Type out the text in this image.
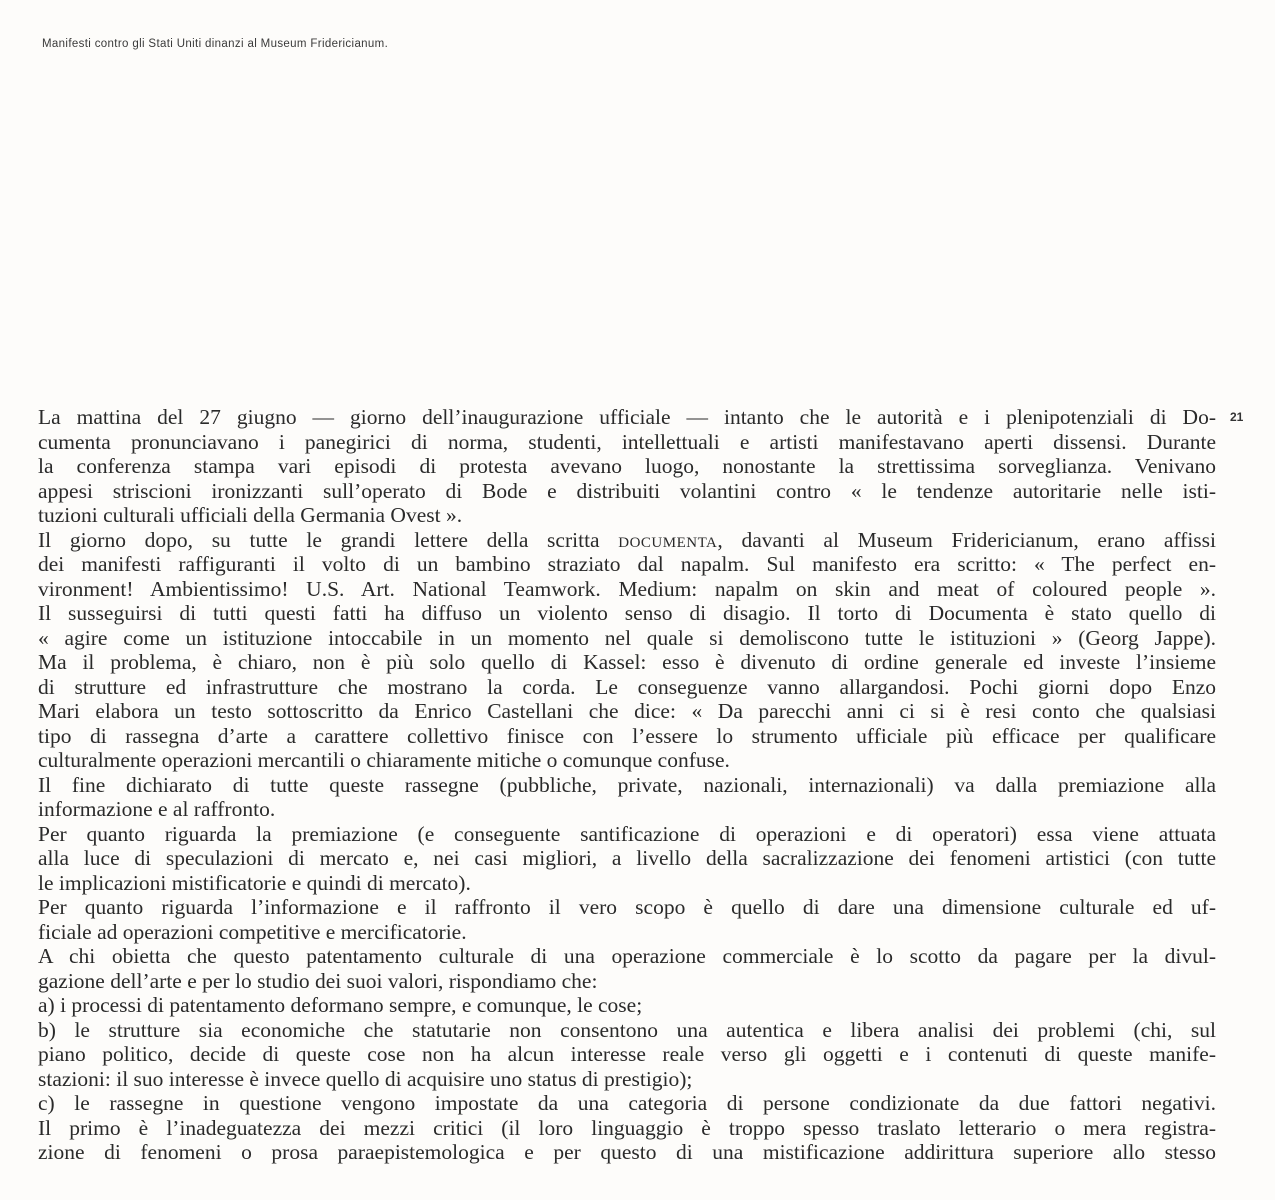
Manifesti contro gli Stati Uniti dinanzi al Museum Fridericianum.
21
La mattina del 27 giugno — giorno dell’inaugurazione ufficiale — intanto che le autorità e i plenipotenziali di Do-
cumenta pronunciavano i panegirici di norma, studenti, intellettuali e artisti manifestavano aperti dissensi. Durante
la conferenza stampa vari episodi di protesta avevano luogo, nonostante la strettissima sorveglianza. Venivano
appesi striscioni ironizzanti sull’operato di Bode e distribuiti volantini contro « le tendenze autoritarie nelle isti-
tuzioni culturali ufficiali della Germania Ovest ».
Il giorno dopo, su tutte le grandi lettere della scritta documenta, davanti al Museum Fridericianum, erano affissi
dei manifesti raffiguranti il volto di un bambino straziato dal napalm. Sul manifesto era scritto: « The perfect en-
vironment! Ambientissimo! U.S. Art. National Teamwork. Medium: napalm on skin and meat of coloured people ».
Il susseguirsi di tutti questi fatti ha diffuso un violento senso di disagio. Il torto di Documenta è stato quello di
« agire come un istituzione intoccabile in un momento nel quale si demoliscono tutte le istituzioni » (Georg Jappe).
Ma il problema, è chiaro, non è più solo quello di Kassel: esso è divenuto di ordine generale ed investe l’insieme
di strutture ed infrastrutture che mostrano la corda. Le conseguenze vanno allargandosi. Pochi giorni dopo Enzo
Mari elabora un testo sottoscritto da Enrico Castellani che dice: « Da parecchi anni ci si è resi conto che qualsiasi
tipo di rassegna d’arte a carattere collettivo finisce con l’essere lo strumento ufficiale più efficace per qualificare
culturalmente operazioni mercantili o chiaramente mitiche o comunque confuse.
Il fine dichiarato di tutte queste rassegne (pubbliche, private, nazionali, internazionali) va dalla premiazione alla
informazione e al raffronto.
Per quanto riguarda la premiazione (e conseguente santificazione di operazioni e di operatori) essa viene attuata
alla luce di speculazioni di mercato e, nei casi migliori, a livello della sacralizzazione dei fenomeni artistici (con tutte
le implicazioni mistificatorie e quindi di mercato).
Per quanto riguarda l’informazione e il raffronto il vero scopo è quello di dare una dimensione culturale ed uf-
ficiale ad operazioni competitive e mercificatorie.
A chi obietta che questo patentamento culturale di una operazione commerciale è lo scotto da pagare per la divul-
gazione dell’arte e per lo studio dei suoi valori, rispondiamo che:
a) i processi di patentamento deformano sempre, e comunque, le cose;
b) le strutture sia economiche che statutarie non consentono una autentica e libera analisi dei problemi (chi, sul
piano politico, decide di queste cose non ha alcun interesse reale verso gli oggetti e i contenuti di queste manife-
stazioni: il suo interesse è invece quello di acquisire uno status di prestigio);
c) le rassegne in questione vengono impostate da una categoria di persone condizionate da due fattori negativi.
Il primo è l’inadeguatezza dei mezzi critici (il loro linguaggio è troppo spesso traslato letterario o mera registra-
zione di fenomeni o prosa paraepistemologica e per questo di una mistificazione addirittura superiore allo stesso
